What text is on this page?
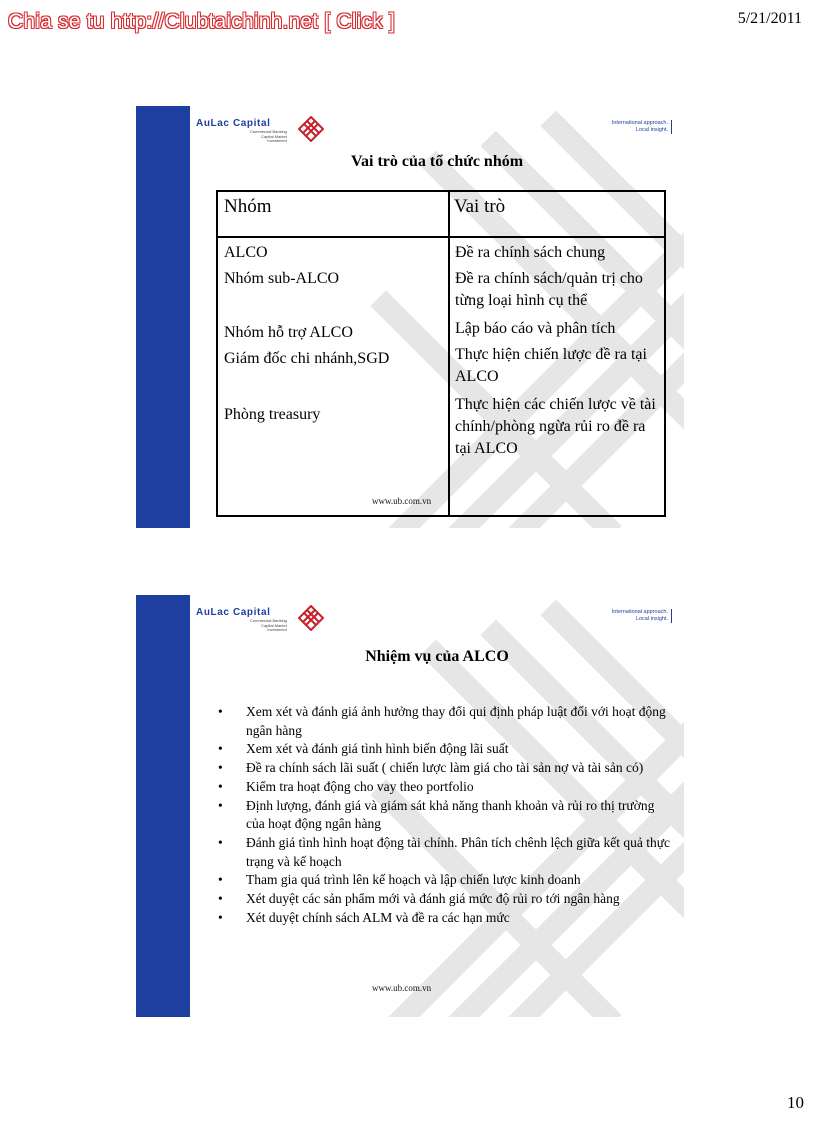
Chia se tu http://Clubtaichinh.net [ Click ]	5/21/2011
AuLac Capital
Commercial Banking
Capital Market
Investment
International approach.
Local insight.
Vai trò của tổ chức nhóm
Nhóm	Vai trò
ALCO
Nhóm sub-ALCO
Nhóm hỗ trợ ALCO
Giám đốc chi nhánh,SGD
Phòng treasury
Đề ra chính sách chung
Đề ra chính sách/quản trị cho từng loại hình cụ thể
Lập báo cáo và phân tích
Thực hiện chiến lược đề ra tại ALCO
Thực hiện các chiến lược về tài chính/phòng ngừa rủi ro đề ra tại ALCO
www.ub.com.vn
AuLac Capital
Commercial Banking
Capital Market
Investment
International approach.
Local insight.
Nhiệm vụ của ALCO
• Xem xét và đánh giá ảnh hưởng thay đổi qui định pháp luật đối với hoạt động ngân hàng
• Xem xét và đánh giá tình hình biến động lãi suất
• Đề ra chính sách lãi suất ( chiến lược làm giá cho tài sản nợ và tài sản có)
• Kiểm tra hoạt động cho vay theo portfolio
• Định lượng, đánh giá và giám sát khả năng thanh khoản và rủi ro thị trường của hoạt động ngân hàng
• Đánh giá tình hình hoạt động tài chính. Phân tích chênh lệch giữa kết quả thực trạng và kế hoạch
• Tham gia quá trình lên kế hoạch và lập chiến lược kinh doanh
• Xét duyệt các sản phẩm mới và đánh giá mức độ rủi ro tới ngân hàng
• Xét duyệt chính sách ALM và đề ra các hạn mức
www.ub.com.vn
10
